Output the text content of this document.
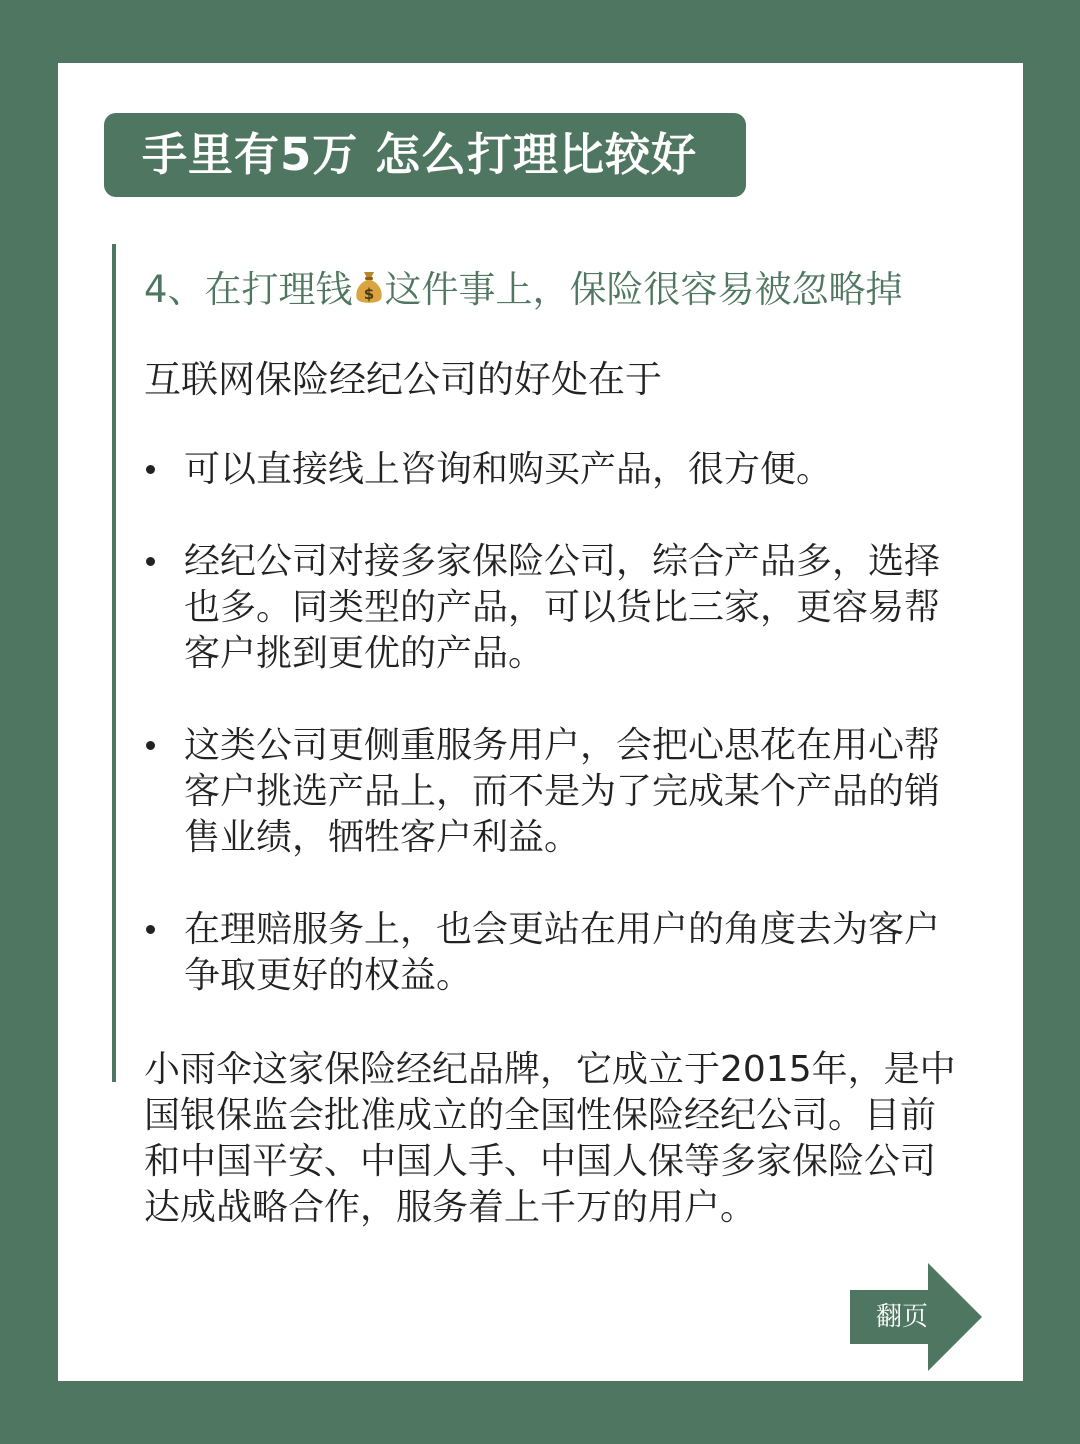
手里有5万 怎么打理比较好
4、在打理钱 $ 这件事上，保险很容易被忽略掉
互联网保险经纪公司的好处在于
可以直接线上咨询和购买产品，很方便。
经纪公司对接多家保险公司，综合产品多，选择也多。同类型的产品，可以货比三家，更容易帮客户挑到更优的产品。
这类公司更侧重服务用户，会把心思花在用心帮客户挑选产品上，而不是为了完成某个产品的销售业绩，牺牲客户利益。
在理赔服务上，也会更站在用户的角度去为客户争取更好的权益。
小雨伞这家保险经纪品牌，它成立于2015年，是中国银保监会批准成立的全国性保险经纪公司。目前和中国平安、中国人手、中国人保等多家保险公司达成战略合作，服务着上千万的用户。
翻页
